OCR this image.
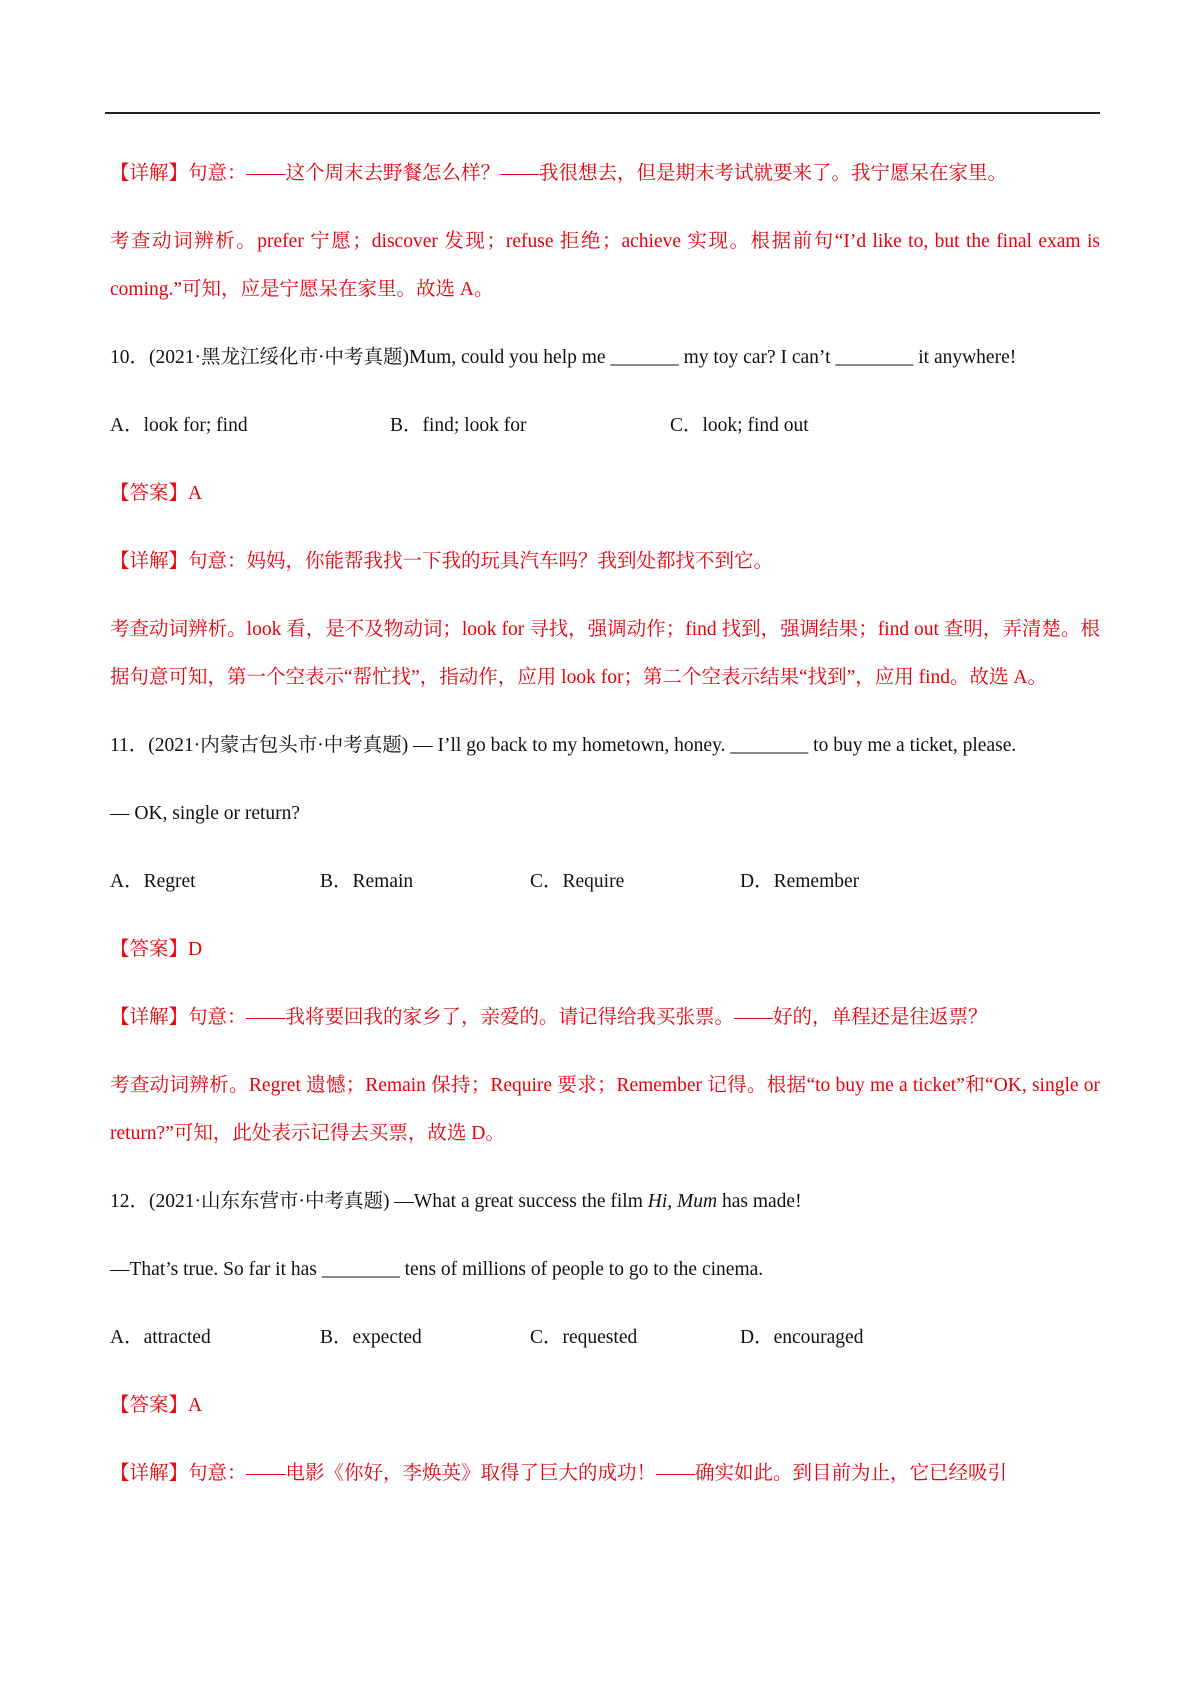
【详解】句意：——这个周末去野餐怎么样？——我很想去，但是期末考试就要来了。我宁愿呆在家里。
考查动词辨析。prefer 宁愿；discover 发现；refuse 拒绝；achieve 实现。根据前句“I’d like to, but the final exam is coming.”可知，应是宁愿呆在家里。故选 A。
10．(2021·黑龙江绥化市·中考真题)Mum, could you help me _______ my toy car? I can’t ________ it anywhere!
A．look for; find	B．find; look for	C．look; find out
【答案】A
【详解】句意：妈妈，你能帮我找一下我的玩具汽车吗？我到处都找不到它。
考查动词辨析。look 看，是不及物动词；look for 寻找，强调动作；find 找到，强调结果；find out 查明，弄清楚。根据句意可知，第一个空表示“帮忙找”，指动作，应用 look for；第二个空表示结果“找到”，应用 find。故选 A。
11．(2021·内蒙古包头市·中考真题) — I’ll go back to my hometown, honey. ________ to buy me a ticket, please.
— OK, single or return?
A．Regret	B．Remain	C．Require	D．Remember
【答案】D
【详解】句意：——我将要回我的家乡了，亲爱的。请记得给我买张票。——好的，单程还是往返票？
考查动词辨析。Regret 遗憾；Remain 保持；Require 要求；Remember 记得。根据“to buy me a ticket”和“OK, single or return?”可知，此处表示记得去买票，故选 D。
12．(2021·山东东营市·中考真题) —What a great success the film Hi, Mum has made!
—That’s true. So far it has ________ tens of millions of people to go to the cinema.
A．attracted	B．expected	C．requested	D．encouraged
【答案】A
【详解】句意：——电影《你好，李焕英》取得了巨大的成功！——确实如此。到目前为止，它已经吸引
